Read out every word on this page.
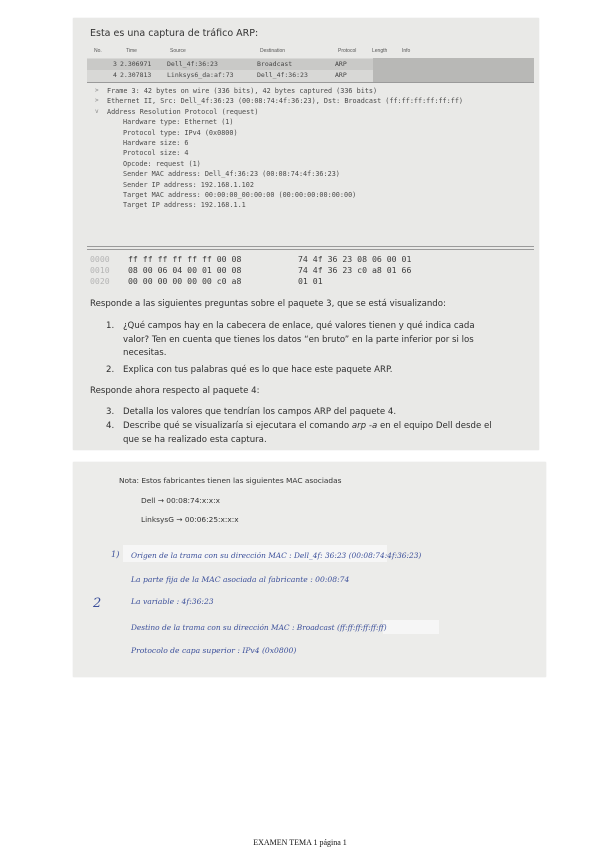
Esta es una captura de tráfico ARP:
No.	Time	Source	Destination	Protocol	Length	Info
3 2.306971 Dell_4f:36:23	Broadcast	ARP
4 2.307813 Linksys6_da:af:73	Dell_4f:36:23	ARP
> Frame 3: 42 bytes on wire (336 bits), 42 bytes captured (336 bits)
> Ethernet II, Src: Dell_4f:36:23 (00:08:74:4f:36:23), Dst: Broadcast (ff:ff:ff:ff:ff:ff)
v Address Resolution Protocol (request)
Hardware type: Ethernet (1)
Protocol type: IPv4 (0x0800)
Hardware size: 6
Protocol size: 4
Opcode: request (1)
Sender MAC address: Dell_4f:36:23 (00:08:74:4f:36:23)
Sender IP address: 192.168.1.102
Target MAC address: 00:00:00_00:00:00 (00:00:00:00:00:00)
Target IP address: 192.168.1.1
0000 ff ff ff ff ff ff 00 08	74 4f 36 23 08 06 00 01
0010 08 00 06 04 00 01 00 08	74 4f 36 23 c0 a8 01 66
0020 00 00 00 00 00 00 c0 a8	01 01
Responde a las siguientes preguntas sobre el paquete 3, que se está visualizando:
1. ¿Qué campos hay en la cabecera de enlace, qué valores tienen y qué indica cada
valor? Ten en cuenta que tienes los datos “en bruto” en la parte inferior por si los
necesitas.
2. Explica con tus palabras qué es lo que hace este paquete ARP.
Responde ahora respecto al paquete 4:
3. Detalla los valores que tendrían los campos ARP del paquete 4.
4. Describe qué se visualizaría si ejecutara el comando arp -a en el equipo Dell desde el
que se ha realizado esta captura.
Nota: Estos fabricantes tienen las siguientes MAC asociadas
Dell → 00:08:74:x:x:x
LinksysG → 00:06:25:x:x:x
1) Origen de la trama con su dirección MAC : Dell_4f: 36:23 (00:08:74:4f:36:23)
La parte fija de la MAC asociada al fabricante : 00:08:74
2	La variable : 4f:36:23
Destino de la trama con su dirección MAC : Broadcast (ff:ff:ff:ff:ff:ff)
Protocolo de capa superior : IPv4 (0x0800)
EXAMEN TEMA 1 página 1
